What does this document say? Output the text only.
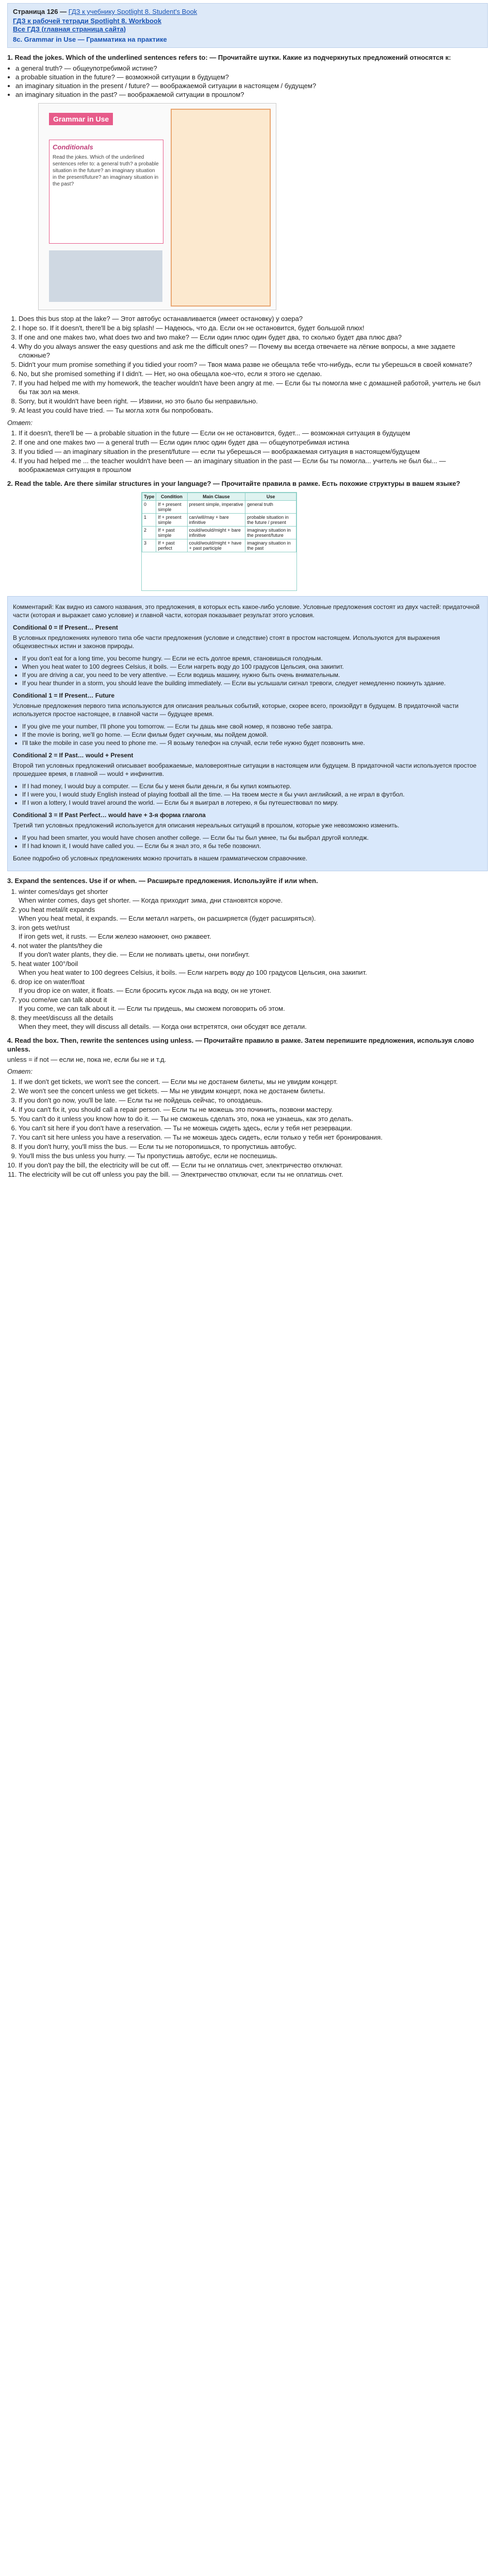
Страница 126 — ГДЗ к учебнику Spotlight 8. Student's Book
ГДЗ к рабочей тетради Spotlight 8. Workbook
Все ГДЗ (главная страница сайта)
8c. Grammar in Use — Грамматика на практике
1. Read the jokes. Which of the underlined sentences refers to: — Прочитайте шутки. Какие из подчеркнутых предложений относятся к:
• a general truth? — общеупотребимой истине?
• a probable situation in the future? — возможной ситуации в будущем?
• an imaginary situation in the present / future? — воображаемой ситуации в настоящем / будущем?
• an imaginary situation in the past? — воображаемой ситуации в прошлом?
Grammar in Use
Conditionals
Read the jokes. Which of the underlined sentences refer to: a general truth? a probable situation in the future? an imaginary situation in the present/future? an imaginary situation in the past?
1. Does this bus stop at the lake? — Этот автобус останавливается (имеет остановку) у озера?
2. I hope so. If it doesn't, there'll be a big splash! — Надеюсь, что да. Если он не остановится, будет большой плюх!
3. If one and one makes two, what does two and two make? — Если один плюс один будет два, то сколько будет два плюс два?
4. Why do you always answer the easy questions and ask me the difficult ones? — Почему вы всегда отвечаете на лёгкие вопросы, а мне задаете сложные?
5. Didn't your mum promise something if you tidied your room? — Твоя мама разве не обещала тебе что-нибудь, если ты уберешься в своей комнате?
6. No, but she promised something if I didn't. — Нет, но она обещала кое-что, если я этого не сделаю.
7. If you had helped me with my homework, the teacher wouldn't have been angry at me. — Если бы ты помогла мне с домашней работой, учитель не был бы так зол на меня.
8. Sorry, but it wouldn't have been right. — Извини, но это было бы неправильно.
9. At least you could have tried. — Ты могла хотя бы попробовать.
Ответ:
1. If it doesn't, there'll be — a probable situation in the future — Если он не остановится, будет... — возможная ситуация в будущем
2. If one and one makes two — a general truth — Если один плюс один будет два — общеупотребимая истина
3. If you tidied — an imaginary situation in the present/future — если ты уберешься — воображаемая ситуация в настоящем/будущем
4. If you had helped me ... the teacher wouldn't have been — an imaginary situation in the past — Если бы ты помогла... учитель не был бы... — воображаемая ситуация в прошлом
2. Read the table. Are there similar structures in your language? — Прочитайте правила в рамке. Есть похожие структуры в вашем языке?
Type	Condition	Main Clause	Use
0	If + present simple	present simple, imperative	general truth
1	If + present simple	can/will/may + bare infinitive	probable situation in the future / present
2	If + past simple	could/would/might + bare infinitive	imaginary situation in the present/future
3	If + past perfect	could/would/might + have + past participle	imaginary situation in the past

Комментарий: Как видно из самого названия, это предложения, в которых есть какое-либо условие. Условные предложения состоят из двух частей: придаточной части (которая и выражает само условие) и главной части, которая показывает результат этого условия.

Conditional 0 = If Present… Present

В условных предложениях нулевого типа обе части предложения (условие и следствие) стоят в простом настоящем. Используются для выражения общеизвестных истин и законов природы.

• If you don't eat for a long time, you become hungry. — Если не есть долгое время, становишься голодным.
• When you heat water to 100 degrees Celsius, it boils. — Если нагреть воду до 100 градусов Цельсия, она закипит.
• If you are driving a car, you need to be very attentive. — Если водишь машину, нужно быть очень внимательным.
• If you hear thunder in a storm, you should leave the building immediately. — Если вы услышали сигнал тревоги, следует немедленно покинуть здание.
Conditional 1 = If Present… Future

Условные предложения первого типа используются для описания реальных событий, которые, скорее всего, произойдут в будущем. В придаточной части используется простое настоящее, в главной части — будущее время.

• If you give me your number, I'll phone you tomorrow. — Если ты дашь мне свой номер, я позвоню тебе завтра.
• If the movie is boring, we'll go home. — Если фильм будет скучным, мы пойдем домой.
• I'll take the mobile in case you need to phone me. — Я возьму телефон на случай, если тебе нужно будет позвонить мне.
Conditional 2 = If Past… would + Present

Второй тип условных предложений описывает воображаемые, маловероятные ситуации в настоящем или будущем. В придаточной части используется простое прошедшее время, в главной — would + инфинитив.

• If I had money, I would buy a computer. — Если бы у меня были деньги, я бы купил компьютер.
• If I were you, I would study English instead of playing football all the time. — На твоем месте я бы учил английский, а не играл в футбол.
• If I won a lottery, I would travel around the world. — Если бы я выиграл в лотерею, я бы путешествовал по миру.
Conditional 3 = If Past Perfect… would have + 3-я форма глагола

Третий тип условных предложений используется для описания нереальных ситуаций в прошлом, которые уже невозможно изменить.

• If you had been smarter, you would have chosen another college. — Если бы ты был умнее, ты бы выбрал другой колледж.
• If I had known it, I would have called you. — Если бы я знал это, я бы тебе позвонил.

Более подробно об условных предложениях можно прочитать в нашем грамматическом справочнике.

3. Expand the sentences. Use if or when. — Расширьте предложения. Используйте if или when.
1. winter comes/days get shorter
When winter comes, days get shorter. — Когда приходит зима, дни становятся короче.
2. you heat metal/it expands
When you heat metal, it expands. — Если металл нагреть, он расширяется (будет расширяться).
3. iron gets wet/rust
If iron gets wet, it rusts. — Если железо намокнет, оно ржавеет.
4. not water the plants/they die
If you don't water plants, they die. — Если не поливать цветы, они погибнут.
5. heat water 100°/boil
When you heat water to 100 degrees Celsius, it boils. — Если нагреть воду до 100 градусов Цельсия, она закипит.
6. drop ice on water/float
If you drop ice on water, it floats. — Если бросить кусок льда на воду, он не утонет.
7. you come/we can talk about it
If you come, we can talk about it. — Если ты придешь, мы сможем поговорить об этом.
8. they meet/discuss all the details
When they meet, they will discuss all details. — Когда они встретятся, они обсудят все детали.
4. Read the box. Then, rewrite the sentences using unless. — Прочитайте правило в рамке. Затем перепишите предложения, используя слово unless.
unless = if not — если не, пока не, если бы не и т.д.
Ответ:
1. If we don't get tickets, we won't see the concert. — Если мы не достанем билеты, мы не увидим концерт.
2. We won't see the concert unless we get tickets. — Мы не увидим концерт, пока не достанем билеты.
3. If you don't go now, you'll be late. — Если ты не пойдешь сейчас, то опоздаешь.
4. If you can't fix it, you should call a repair person. — Если ты не можешь это починить, позвони мастеру.
5. You can't do it unless you know how to do it. — Ты не сможешь сделать это, пока не узнаешь, как это делать.
6. You can't sit here if you don't have a reservation. — Ты не можешь сидеть здесь, если у тебя нет резервации.
7. You can't sit here unless you have a reservation. — Ты не можешь здесь сидеть, если только у тебя нет бронирования.
8. If you don't hurry, you'll miss the bus. — Если ты не поторопишься, то пропустишь автобус.
9. You'll miss the bus unless you hurry. — Ты пропустишь автобус, если не поспешишь.
10. If you don't pay the bill, the electricity will be cut off. — Если ты не оплатишь счет, электричество отключат.
11. The electricity will be cut off unless you pay the bill. — Электричество отключат, если ты не оплатишь счет.
